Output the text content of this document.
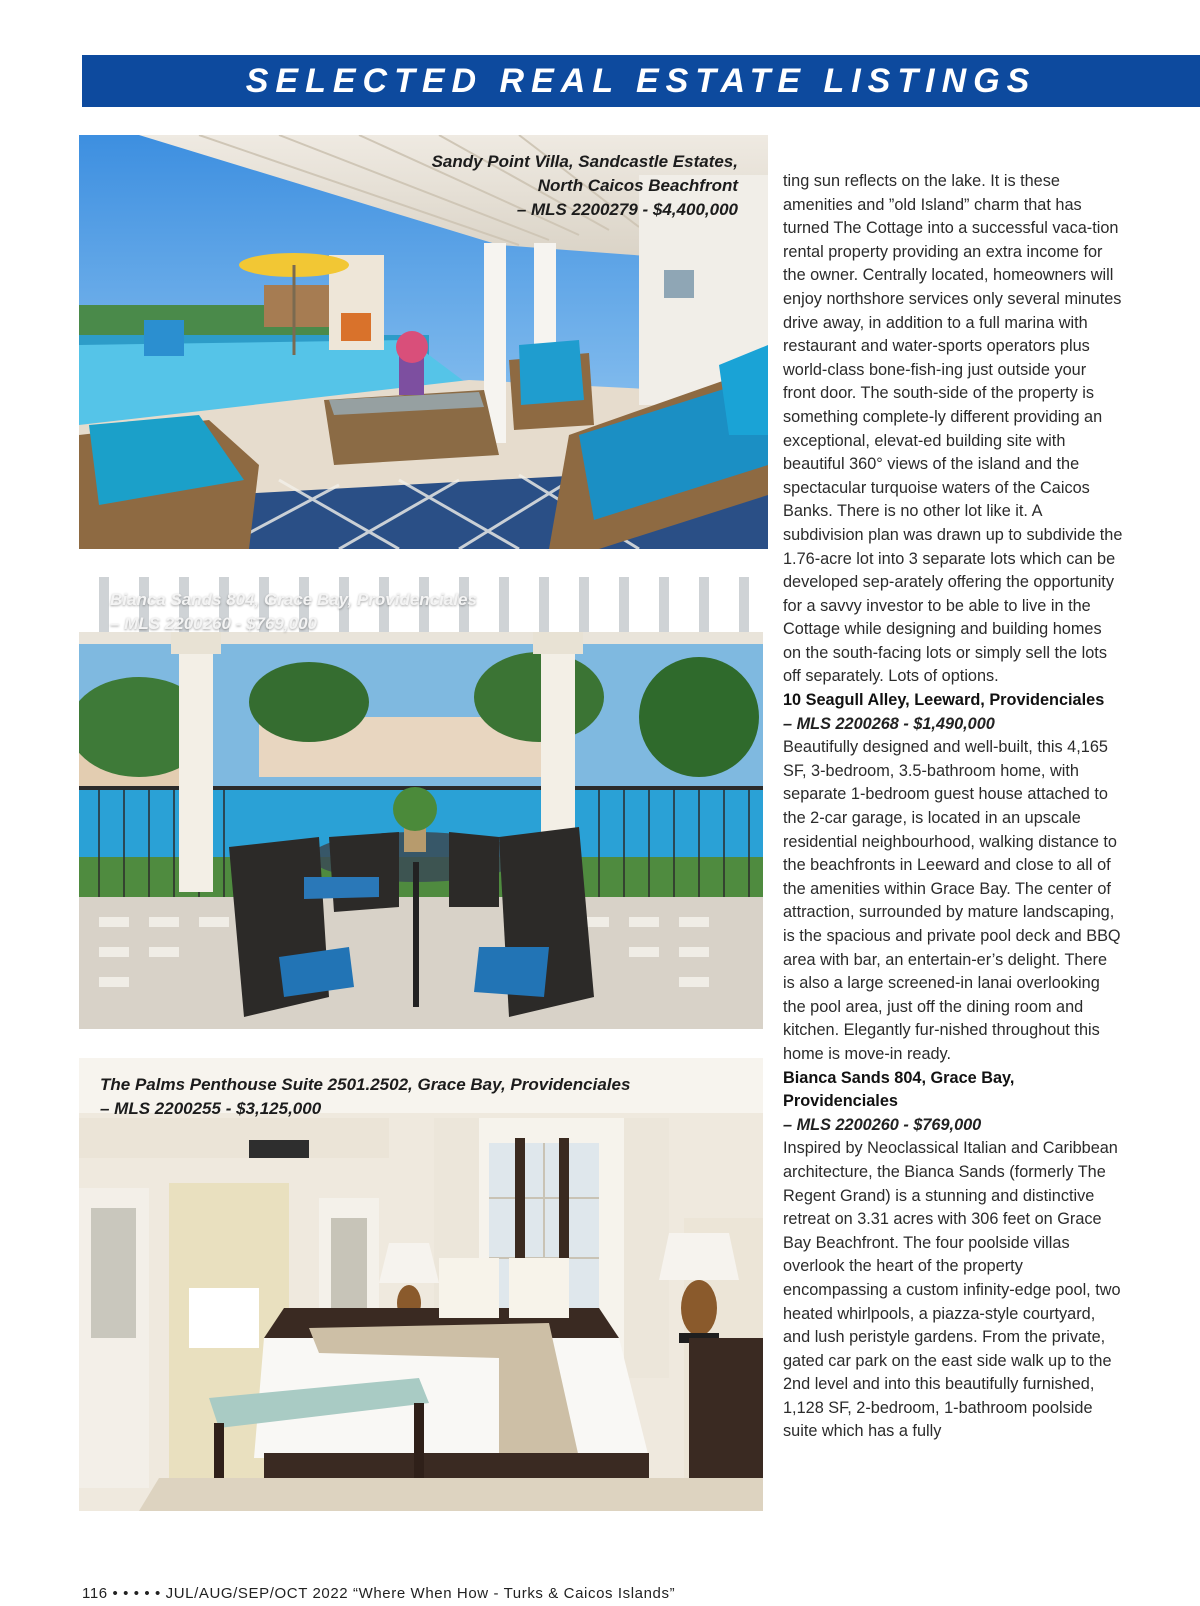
SELECTED REAL ESTATE LISTINGS
Sandy Point Villa, Sandcastle Estates,
North Caicos Beachfront
– MLS 2200279 - $4,400,000
Bianca Sands 804, Grace Bay, Providenciales
– MLS 2200260 - $769,000
The Palms Penthouse Suite 2501.2502, Grace Bay, Providenciales
– MLS 2200255 - $3,125,000

ting sun reflects on the lake. It is these amenities and ”old Island” charm that has turned The Cottage into a successful vaca-tion rental property providing an extra income for the owner. Centrally located, homeowners will enjoy northshore services only several minutes drive away, in addition to a full marina with restaurant and water-sports operators plus world-class bone-fish-ing just outside your front door. The south-side of the property is something complete-ly different providing an exceptional, elevat-ed building site with beautiful 360° views of the island and the spectacular turquoise waters of the Caicos Banks. There is no other lot like it. A subdivision plan was drawn up to subdivide the 1.76-acre lot into 3 separate lots which can be developed sep-arately offering the opportunity for a savvy investor to be able to live in the Cottage while designing and building homes on the south-facing lots or simply sell the lots off separately. Lots of options.

10 Seagull Alley, Leeward, Providenciales

– MLS 2200268 - $1,490,000

Beautifully designed and well-built, this 4,165 SF, 3-bedroom, 3.5-bathroom home, with separate 1-bedroom guest house attached to the 2-car garage, is located in an upscale residential neighbourhood, walking distance to the beachfronts in Leeward and close to all of the amenities within Grace Bay. The center of attraction, surrounded by mature landscaping, is the spacious and private pool deck and BBQ area with bar, an entertain-er’s delight. There is also a large screened-in lanai overlooking the pool area, just off the dining room and kitchen. Elegantly fur-nished throughout this home is move-in ready.

Bianca Sands 804, Grace Bay, Providenciales

– MLS 2200260 - $769,000

Inspired by Neoclassical Italian and Caribbean architecture, the Bianca Sands (formerly The Regent Grand) is a stunning and distinctive retreat on 3.31 acres with 306 feet on Grace Bay Beachfront. The four poolside villas overlook the heart of the property encompassing a custom infinity-edge pool, two heated whirlpools, a piazza-style courtyard, and lush peristyle gardens. From the private, gated car park on the east side walk up to the 2nd level and into this beautifully furnished, 1,128 SF, 2-bedroom, 1-bathroom poolside suite which has a fully

116 • • • • • JUL/AUG/SEP/OCT 2022 “Where When How - Turks & Caicos Islands”
